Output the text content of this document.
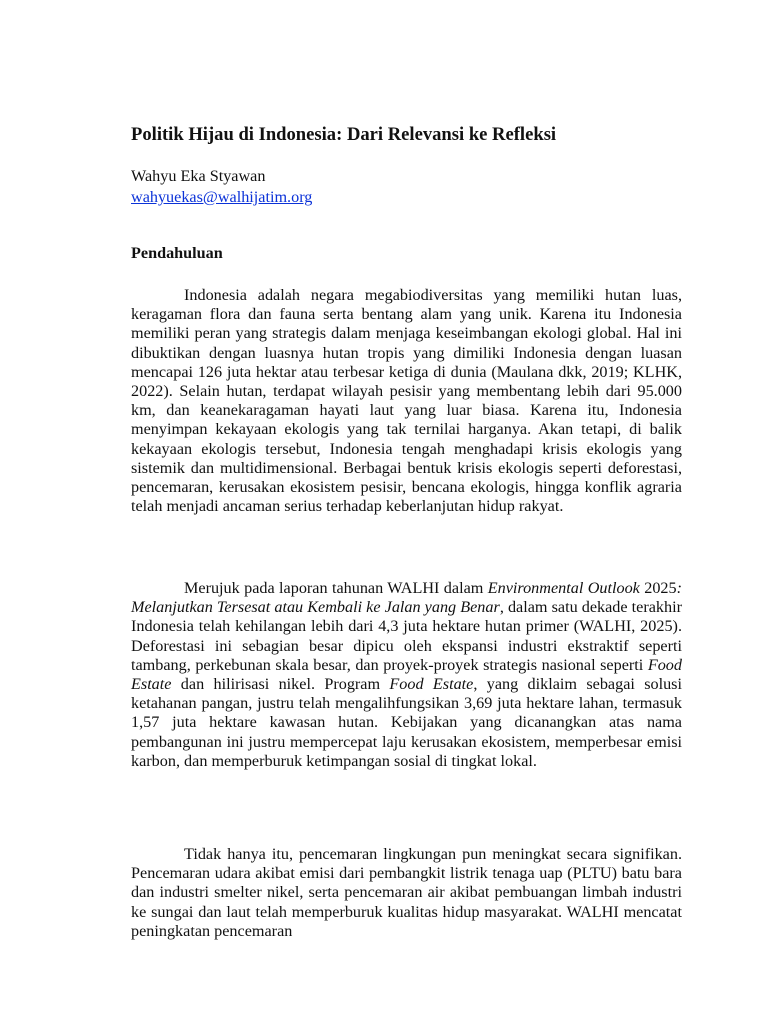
Politik Hijau di Indonesia: Dari Relevansi ke Refleksi
Wahyu Eka Styawan
wahyuekas@walhijatim.org
Pendahuluan

Indonesia adalah negara megabiodiversitas yang memiliki hutan luas, keragaman flora dan fauna serta bentang alam yang unik. Karena itu Indonesia memiliki peran yang strategis dalam menjaga keseimbangan ekologi global. Hal ini dibuktikan dengan luasnya hutan tropis yang dimiliki Indonesia dengan luasan mencapai 126 juta hektar atau terbesar ketiga di dunia (Maulana dkk, 2019; KLHK, 2022). Selain hutan, terdapat wilayah pesisir yang membentang lebih dari 95.000 km, dan keanekaragaman hayati laut yang luar biasa. Karena itu, Indonesia menyimpan kekayaan ekologis yang tak ternilai harganya. Akan tetapi, di balik kekayaan ekologis tersebut, Indonesia tengah menghadapi krisis ekologis yang sistemik dan multidimensional. Berbagai bentuk krisis ekologis seperti deforestasi, pencemaran, kerusakan ekosistem pesisir, bencana ekologis, hingga konflik agraria telah menjadi ancaman serius terhadap keberlanjutan hidup rakyat.

Merujuk pada laporan tahunan WALHI dalam Environmental Outlook 2025: Melanjutkan Tersesat atau Kembali ke Jalan yang Benar, dalam satu dekade terakhir Indonesia telah kehilangan lebih dari 4,3 juta hektare hutan primer (WALHI, 2025). Deforestasi ini sebagian besar dipicu oleh ekspansi industri ekstraktif seperti tambang, perkebunan skala besar, dan proyek-proyek strategis nasional seperti Food Estate dan hilirisasi nikel. Program Food Estate, yang diklaim sebagai solusi ketahanan pangan, justru telah mengalihfungsikan 3,69 juta hektare lahan, termasuk 1,57 juta hektare kawasan hutan. Kebijakan yang dicanangkan atas nama pembangunan ini justru mempercepat laju kerusakan ekosistem, memperbesar emisi karbon, dan memperburuk ketimpangan sosial di tingkat lokal.

Tidak hanya itu, pencemaran lingkungan pun meningkat secara signifikan. Pencemaran udara akibat emisi dari pembangkit listrik tenaga uap (PLTU) batu bara dan industri smelter nikel, serta pencemaran air akibat pembuangan limbah industri ke sungai dan laut telah memperburuk kualitas hidup masyarakat. WALHI mencatat peningkatan pencemaran
